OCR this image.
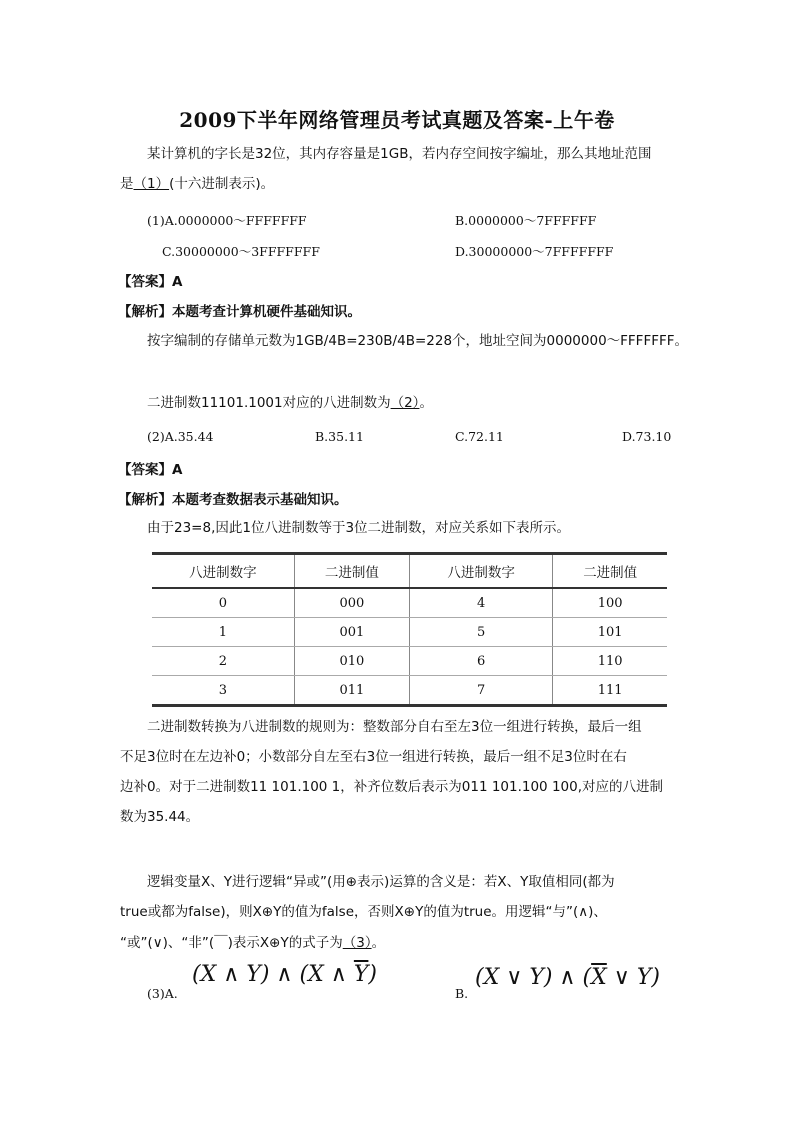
2009下半年网络管理员考试真题及答案-上午卷
某计算机的字长是32位，其内存容量是1GB，若内存空间按字编址，那么其地址范围
是（1）(十六进制表示)。
(1)A.0000000～FFFFFFF	B.0000000～7FFFFFF
C.30000000～3FFFFFFF	D.30000000～7FFFFFFF
【答案】A
【解析】本题考查计算机硬件基础知识。
按字编制的存储单元数为1GB/4B=230B/4B=228个，地址空间为0000000～FFFFFFF。
二进制数11101.1001对应的八进制数为（2）。
(2)A.35.44	B.35.11	C.72.11	D.73.10
【答案】A
【解析】本题考查数据表示基础知识。
由于23=8,因此1位八进制数等于3位二进制数，对应关系如下表所示。
八进制数字	二进制值	八进制数字	二进制值
0	000	4	100
1	001	5	101
2	010	6	110
3	011	7	111
二进制数转换为八进制数的规则为：整数部分自右至左3位一组进行转换，最后一组
不足3位时在左边补0；小数部分自左至右3位一组进行转换，最后一组不足3位时在右
边补0。对于二进制数11 101.100 1，补齐位数后表示为011 101.100 100,对应的八进制
数为35.44。
逻辑变量X、Y进行逻辑“异或”(用⊕表示)运算的含义是：若X、Y取值相同(都为
true或都为false)，则X⊕Y的值为false，否则X⊕Y的值为true。用逻辑“与”(∧)、
“或”(∨)、“非”(￣)表示X⊕Y的式子为（3）。
(3)A.
(X ∧ Y) ∧ (X ∧ $\overline{Y}$)
B.
(X ∨ Y) ∧ ($\overline{X}$ ∨ Y)
